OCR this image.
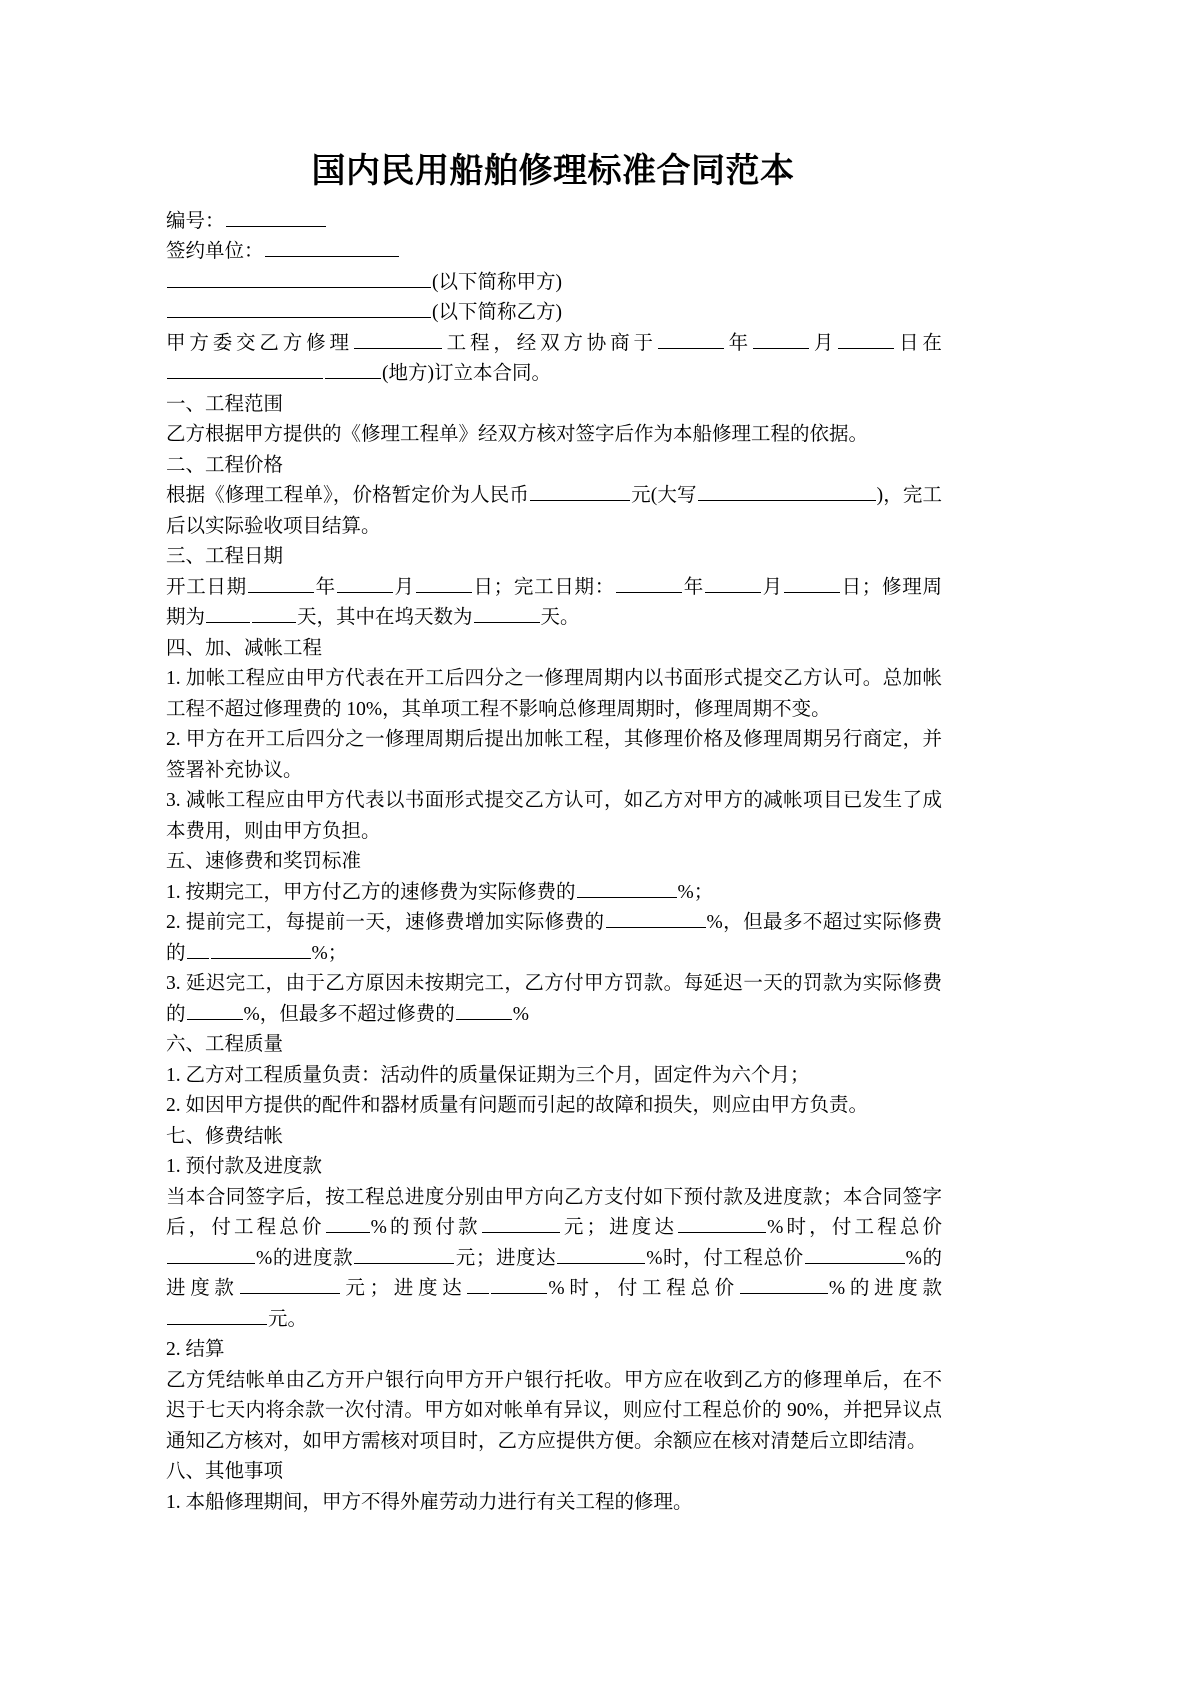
国内民用船舶修理标准合同范本

编号：

签约单位：

(以下简称甲方)

(以下简称乙方)

甲方委交乙方修理	工程，经双方协商于	年	月	日在(地方)订立本合同。

一、工程范围

乙方根据甲方提供的《修理工程单》经双方核对签字后作为本船修理工程的依据。

二、工程价格

根据《修理工程单》，价格暂定价为人民币	元(大写	)，完工后以实际验收项目结算。

三、工程日期

开工日期	年	月	日；完工日期：	年	月	日；修理周期为	天，其中在坞天数为	天。

四、加、减帐工程

1. 加帐工程应由甲方代表在开工后四分之一修理周期内以书面形式提交乙方认可。总加帐工程不超过修理费的 10%，其单项工程不影响总修理周期时，修理周期不变。

2. 甲方在开工后四分之一修理周期后提出加帐工程，其修理价格及修理周期另行商定，并签署补充协议。

3. 减帐工程应由甲方代表以书面形式提交乙方认可，如乙方对甲方的减帐项目已发生了成本费用，则由甲方负担。

五、速修费和奖罚标准

1. 按期完工，甲方付乙方的速修费为实际修费的	%；

2. 提前完工，每提前一天，速修费增加实际修费的	%，但最多不超过实际修费的	%；

3. 延迟完工，由于乙方原因未按期完工，乙方付甲方罚款。每延迟一天的罚款为实际修费的	%，但最多不超过修费的	%

六、工程质量

1. 乙方对工程质量负责：活动件的质量保证期为三个月，固定件为六个月；

2. 如因甲方提供的配件和器材质量有问题而引起的故障和损失，则应由甲方负责。

七、修费结帐

1. 预付款及进度款

当本合同签字后，按工程总进度分别由甲方向乙方支付如下预付款及进度款；本合同签字后，付工程总价 %的预付款	元；进度达	%时，付工程总价%的进度款	元；进度达	%时，付工程总价	%的进度款	元；进度达	%时，付工程总价	%的进度款元。

2. 结算

乙方凭结帐单由乙方开户银行向甲方开户银行托收。甲方应在收到乙方的修理单后，在不迟于七天内将余款一次付清。甲方如对帐单有异议，则应付工程总价的 90%，并把异议点通知乙方核对，如甲方需核对项目时，乙方应提供方便。余额应在核对清楚后立即结清。

八、其他事项

1. 本船修理期间，甲方不得外雇劳动力进行有关工程的修理。
